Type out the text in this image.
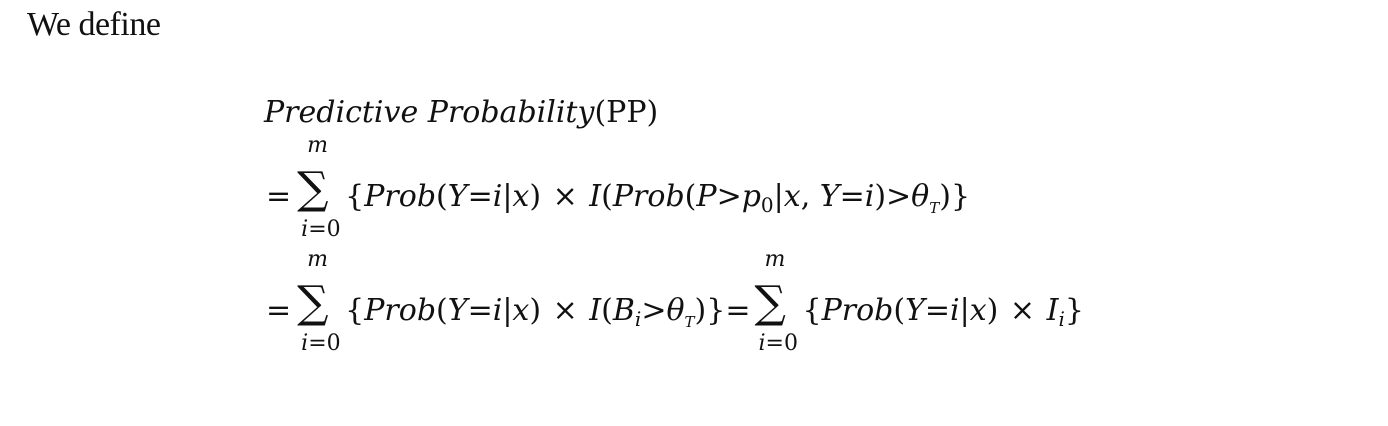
We define
Predictive Probability(PP)
=
m
∑
i=0
{Prob(Y=i|x) × $I(Prob(P>p_0|x$, $Y=i)>\theta_T$)}
=
m
∑
i=0
{Prob(Y=i|x) × $I(B_i>\theta_T)\}=$
m
∑
i=0
{Prob(Y=i|x) × $I_i$}
